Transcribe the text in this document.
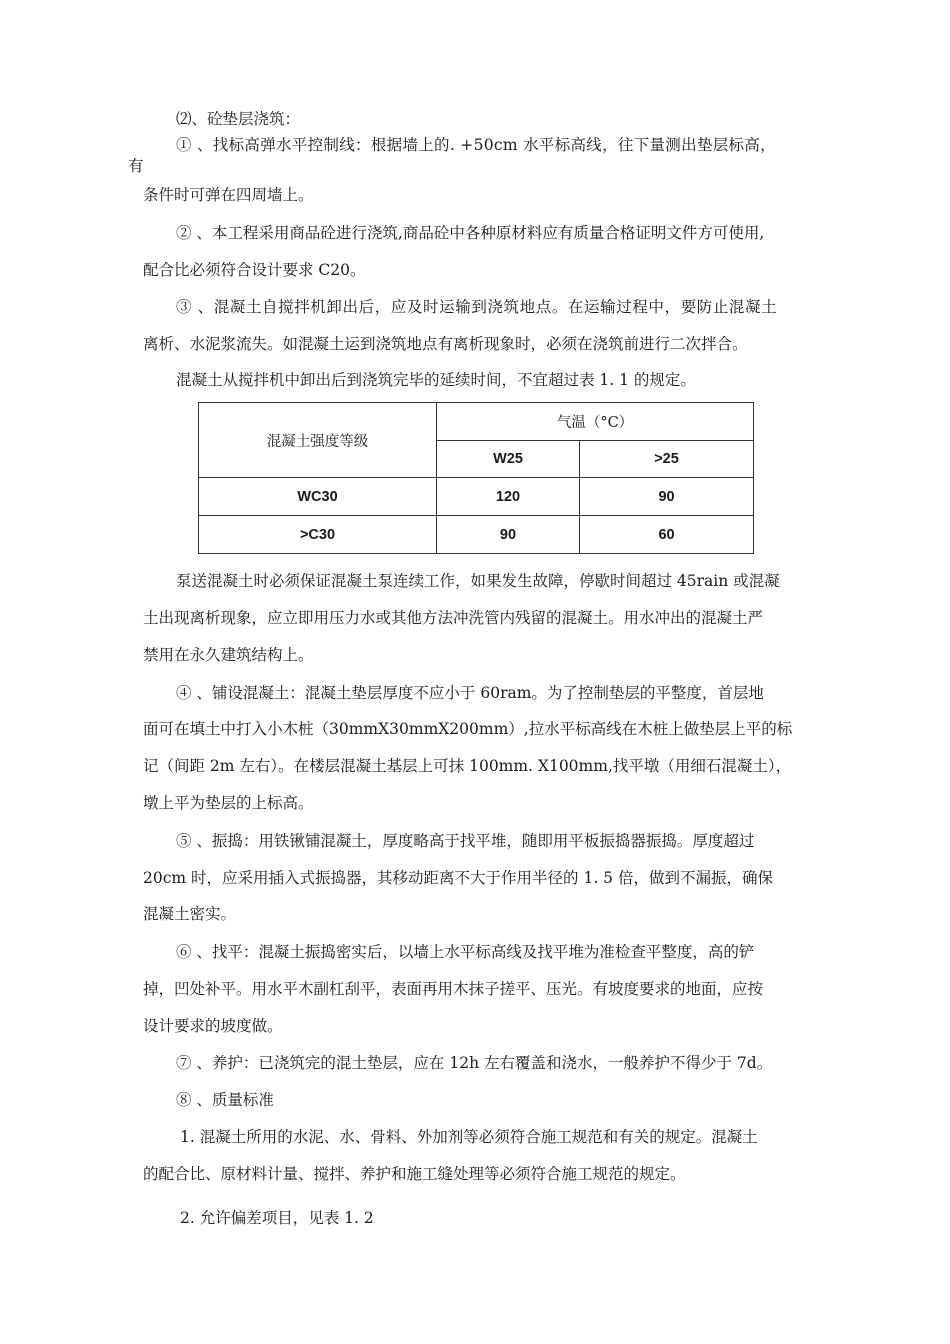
⑵、砼垫层浇筑：
① 、找标高弹水平控制线：根据墙上的. +50cm 水平标高线，往下量测出垫层标高，
有
条件时可弹在四周墙上。
② 、本工程采用商品砼进行浇筑,商品砼中各种原材料应有质量合格证明文件方可使用,
配合比必须符合设计要求 C20。
③ 、混凝土自搅拌机卸出后，应及时运输到浇筑地点。在运输过程中，要防止混凝土
离析、水泥浆流失。如混凝土运到浇筑地点有离析现象时，必须在浇筑前进行二次拌合。
混凝土从搅拌机中卸出后到浇筑完毕的延续时间，不宜超过表 1. 1 的规定。
混凝土强度等级	气温（°C）	
	W25	>25
WC30	120	90
>C30	90	60
泵送混凝土时必须保证混凝土泵连续工作，如果发生故障，停歇时间超过 45rain 或混凝
土出现离析现象，应立即用压力水或其他方法冲洗管内残留的混凝土。用水冲出的混凝土严
禁用在永久建筑结构上。
④ 、铺设混凝土：混凝土垫层厚度不应小于 60ram。为了控制垫层的平整度，首层地
面可在填土中打入小木桩（30mmX30mmX200mm）,拉水平标高线在木桩上做垫层上平的标
记（间距 2m 左右）。在楼层混凝土基层上可抹 100mm. X100mm,找平墩（用细石混凝土），
墩上平为垫层的上标高。
⑤ 、振捣：用铁锹铺混凝土，厚度略高于找平堆，随即用平板振捣器振捣。厚度超过
20cm 时，应采用插入式振捣器，其移动距离不大于作用半径的 1. 5 倍，做到不漏振，确保
混凝土密实。
⑥ 、找平：混凝土振捣密实后，以墙上水平标高线及找平堆为准检查平整度，高的铲
掉，凹处补平。用水平木副杠刮平，表面再用木抹子搓平、压光。有坡度要求的地面，应按
设计要求的坡度做。
⑦ 、养护：已浇筑完的混土垫层，应在 12h 左右覆盖和浇水，一般养护不得少于 7d。
⑧ 、质量标准
1. 混凝土所用的水泥、水、骨料、外加剂等必须符合施工规范和有关的规定。混凝土
的配合比、原材料计量、搅拌、养护和施工缝处理等必须符合施工规范的规定。
2. 允许偏差项目，见表 1. 2
